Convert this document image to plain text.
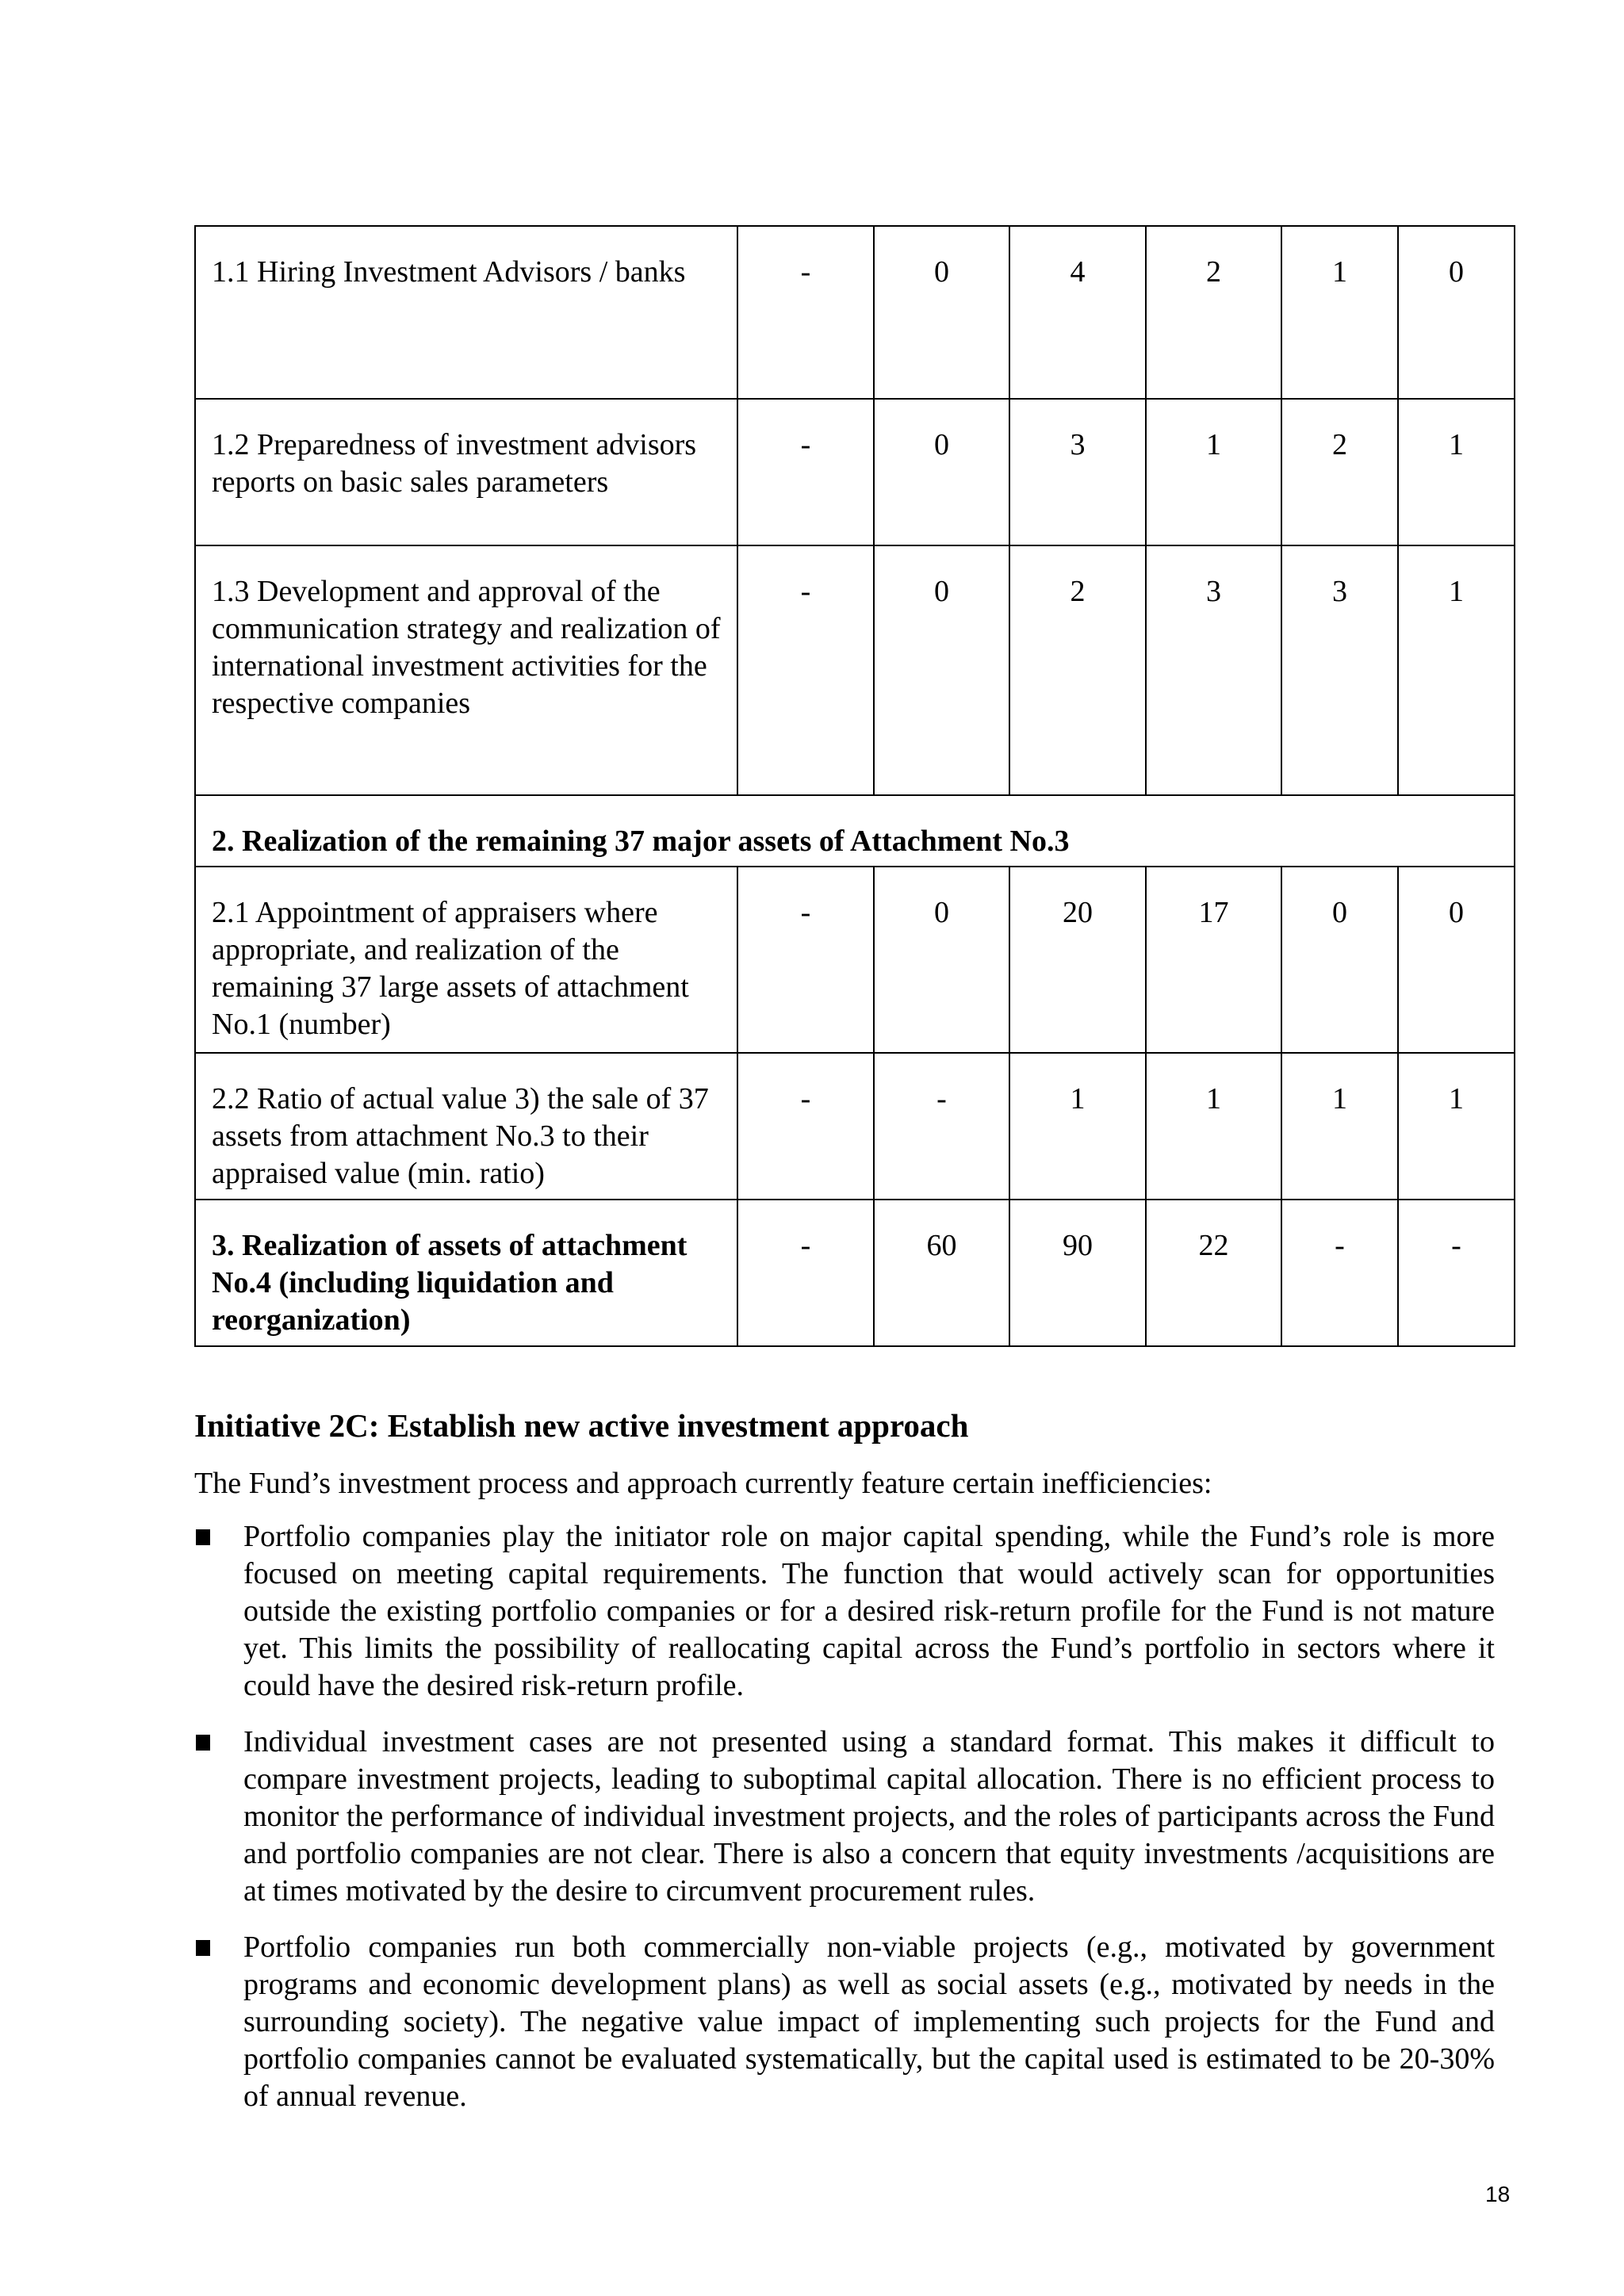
1.1 Hiring Investment Advisors / banks	-	0	4	2	1	0
1.2 Preparedness of investment advisors reports on basic sales parameters	-	0	3	1	2	1
1.3 Development and approval of the communication strategy and realization of international investment activities for the respective companies	-	0	2	3	3	1
2. Realization of the remaining 37 major assets of Attachment No.3						
2.1 Appointment of appraisers where appropriate, and realization of the remaining 37 large assets of attachment No.1 (number)	-	0	20	17	0	0
2.2 Ratio of actual value 3) the sale of 37 assets from attachment No.3 to their appraised value (min. ratio)	-	-	1	1	1	1
3. Realization of assets of attachment No.4 (including liquidation and reorganization)	-	60	90	22	-	-
Initiative 2C: Establish new active investment approach
The Fund’s investment process and approach currently feature certain inefficiencies:
Portfolio companies play the initiator role on major capital spending, while the Fund’s role is more focused on meeting capital requirements. The function that would actively scan for opportunities outside the existing portfolio companies or for a desired risk-return profile for the Fund is not mature yet. This limits the possibility of reallocating capital across the Fund’s portfolio in sectors where it could have the desired risk-return profile.
Individual investment cases are not presented using a standard format. This makes it difficult to compare investment projects, leading to suboptimal capital allocation. There is no efficient process to monitor the performance of individual investment projects, and the roles of participants across the Fund and portfolio companies are not clear. There is also a concern that equity investments /acquisitions are at times motivated by the desire to circumvent procurement rules.
Portfolio companies run both commercially non-viable projects (e.g., motivated by government programs and economic development plans) as well as social assets (e.g., motivated by needs in the surrounding society). The negative value impact of implementing such projects for the Fund and portfolio companies cannot be evaluated systematically, but the capital used is estimated to be 20-30% of annual revenue.
18
